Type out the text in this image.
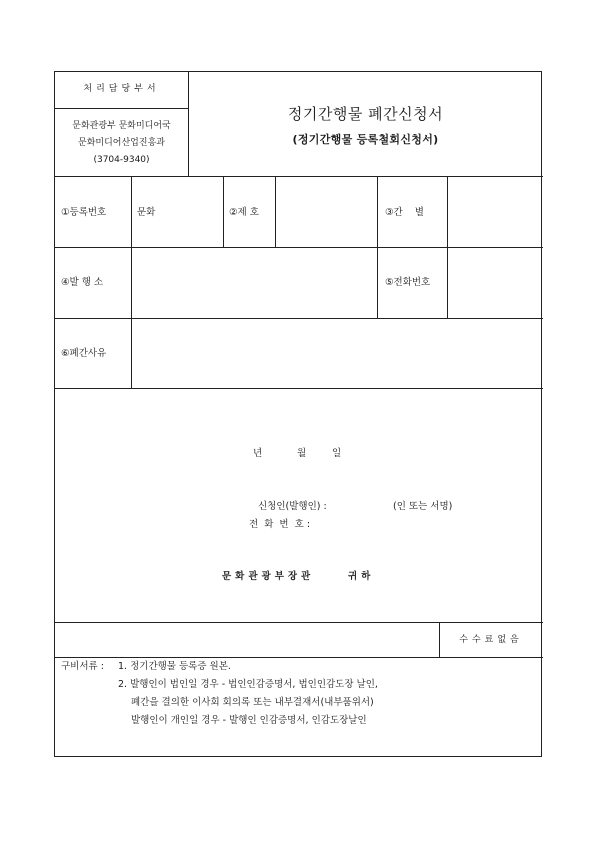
처리담당부서
문화관광부 문화미디어국
문화미디어산업진흥과
(3704-9340)
정기간행물 폐간신청서
(정기간행물 등록철회신청서)
①등록번호	문화	②제 호	③간    별
④발 행 소	⑤전화번호
⑥폐간사유
년	월	일
신청인(발행인) :	(인 또는 서명)
전  화  번  호 :
문화관광부장관	귀하
수수료없음
구비서류 : 1. 정기간행물 등록증 원본.
2. 발행인이 법인일 경우 - 법인인감증명서, 법인인감도장 날인,
폐간을 결의한 이사회 회의록 또는 내부결재서(내부품위서)
발행인이 개인일 경우 - 발행인 인감증명서, 인감도장날인
